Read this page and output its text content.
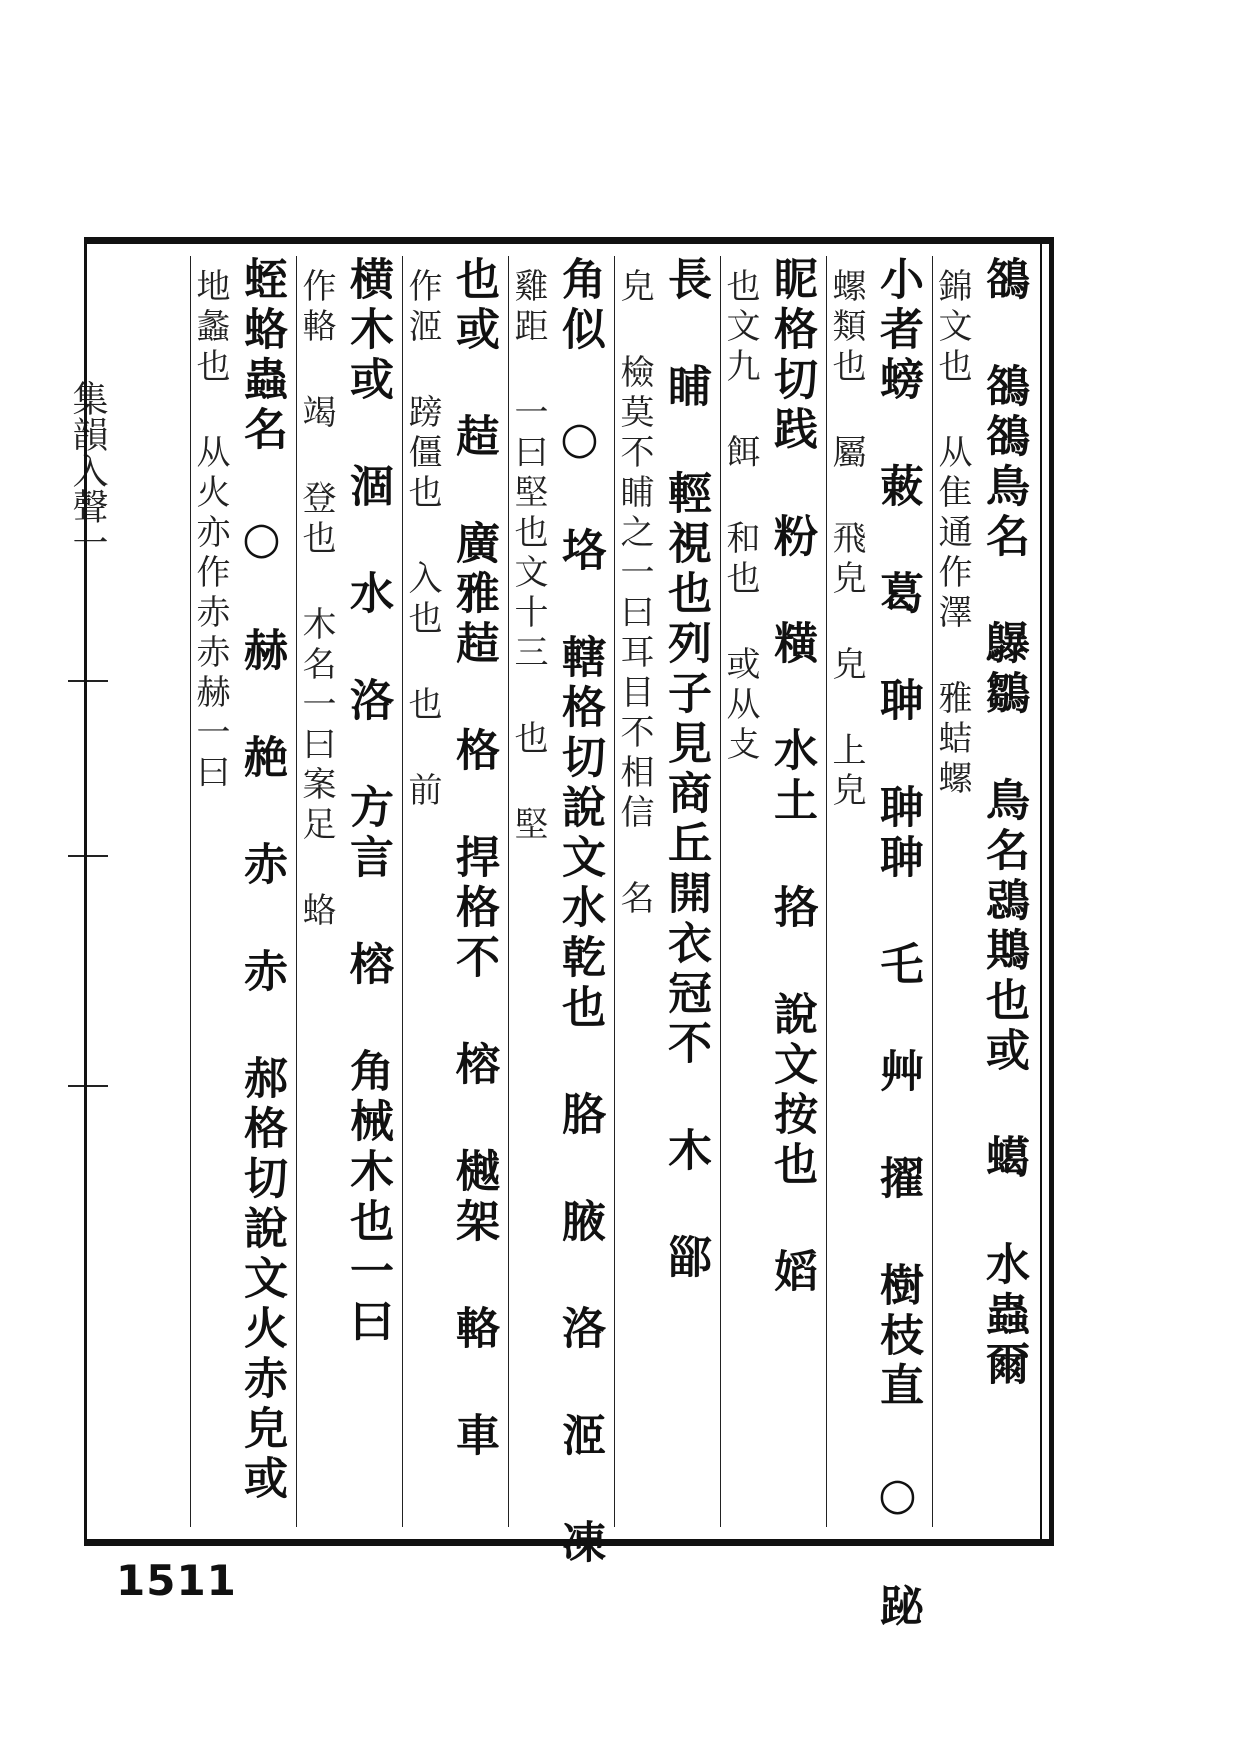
集韻入聲一	鵅 鵅鵅鳥名 鸔鶵 鳥名鵋䳢也或 䗶 水蟲爾
錦文也 从隹通作澤 雅蛣螺
小者螃 䔩 葛 䎶 䎶䎶 乇 艸 擢 樹枝直 ○ 䟤
螺類也 屬 飛皃 皃 上皃
眤格切践 粉 䊣 水土 挌 說文按也 嫍
也文九 餌 和也 或从攴
長 䀯 輕視也列子見商丘開衣冠不 木 䣎
皃 檢莫不䀯之一曰耳目不相信 名
角似 ○ 垎 轄格切說文水乾也 胳 腋 洛 洍 凍
雞距 一曰堅也文十三 也 堅
也或 趌 廣雅趌 格 捍格不 榕 樾架 輅 車
作洍 䠙僵也 入也 也 前
横木或 涸 水 洛 方言 榕 角械木也一曰
作輅 竭 登也 木名一曰案足 蛒
蛭蛒蟲名 ○ 赫 赩 赤 赤 郝格切說文火赤皃或
地蠡也 从火亦作赤赤赫一曰
1511
